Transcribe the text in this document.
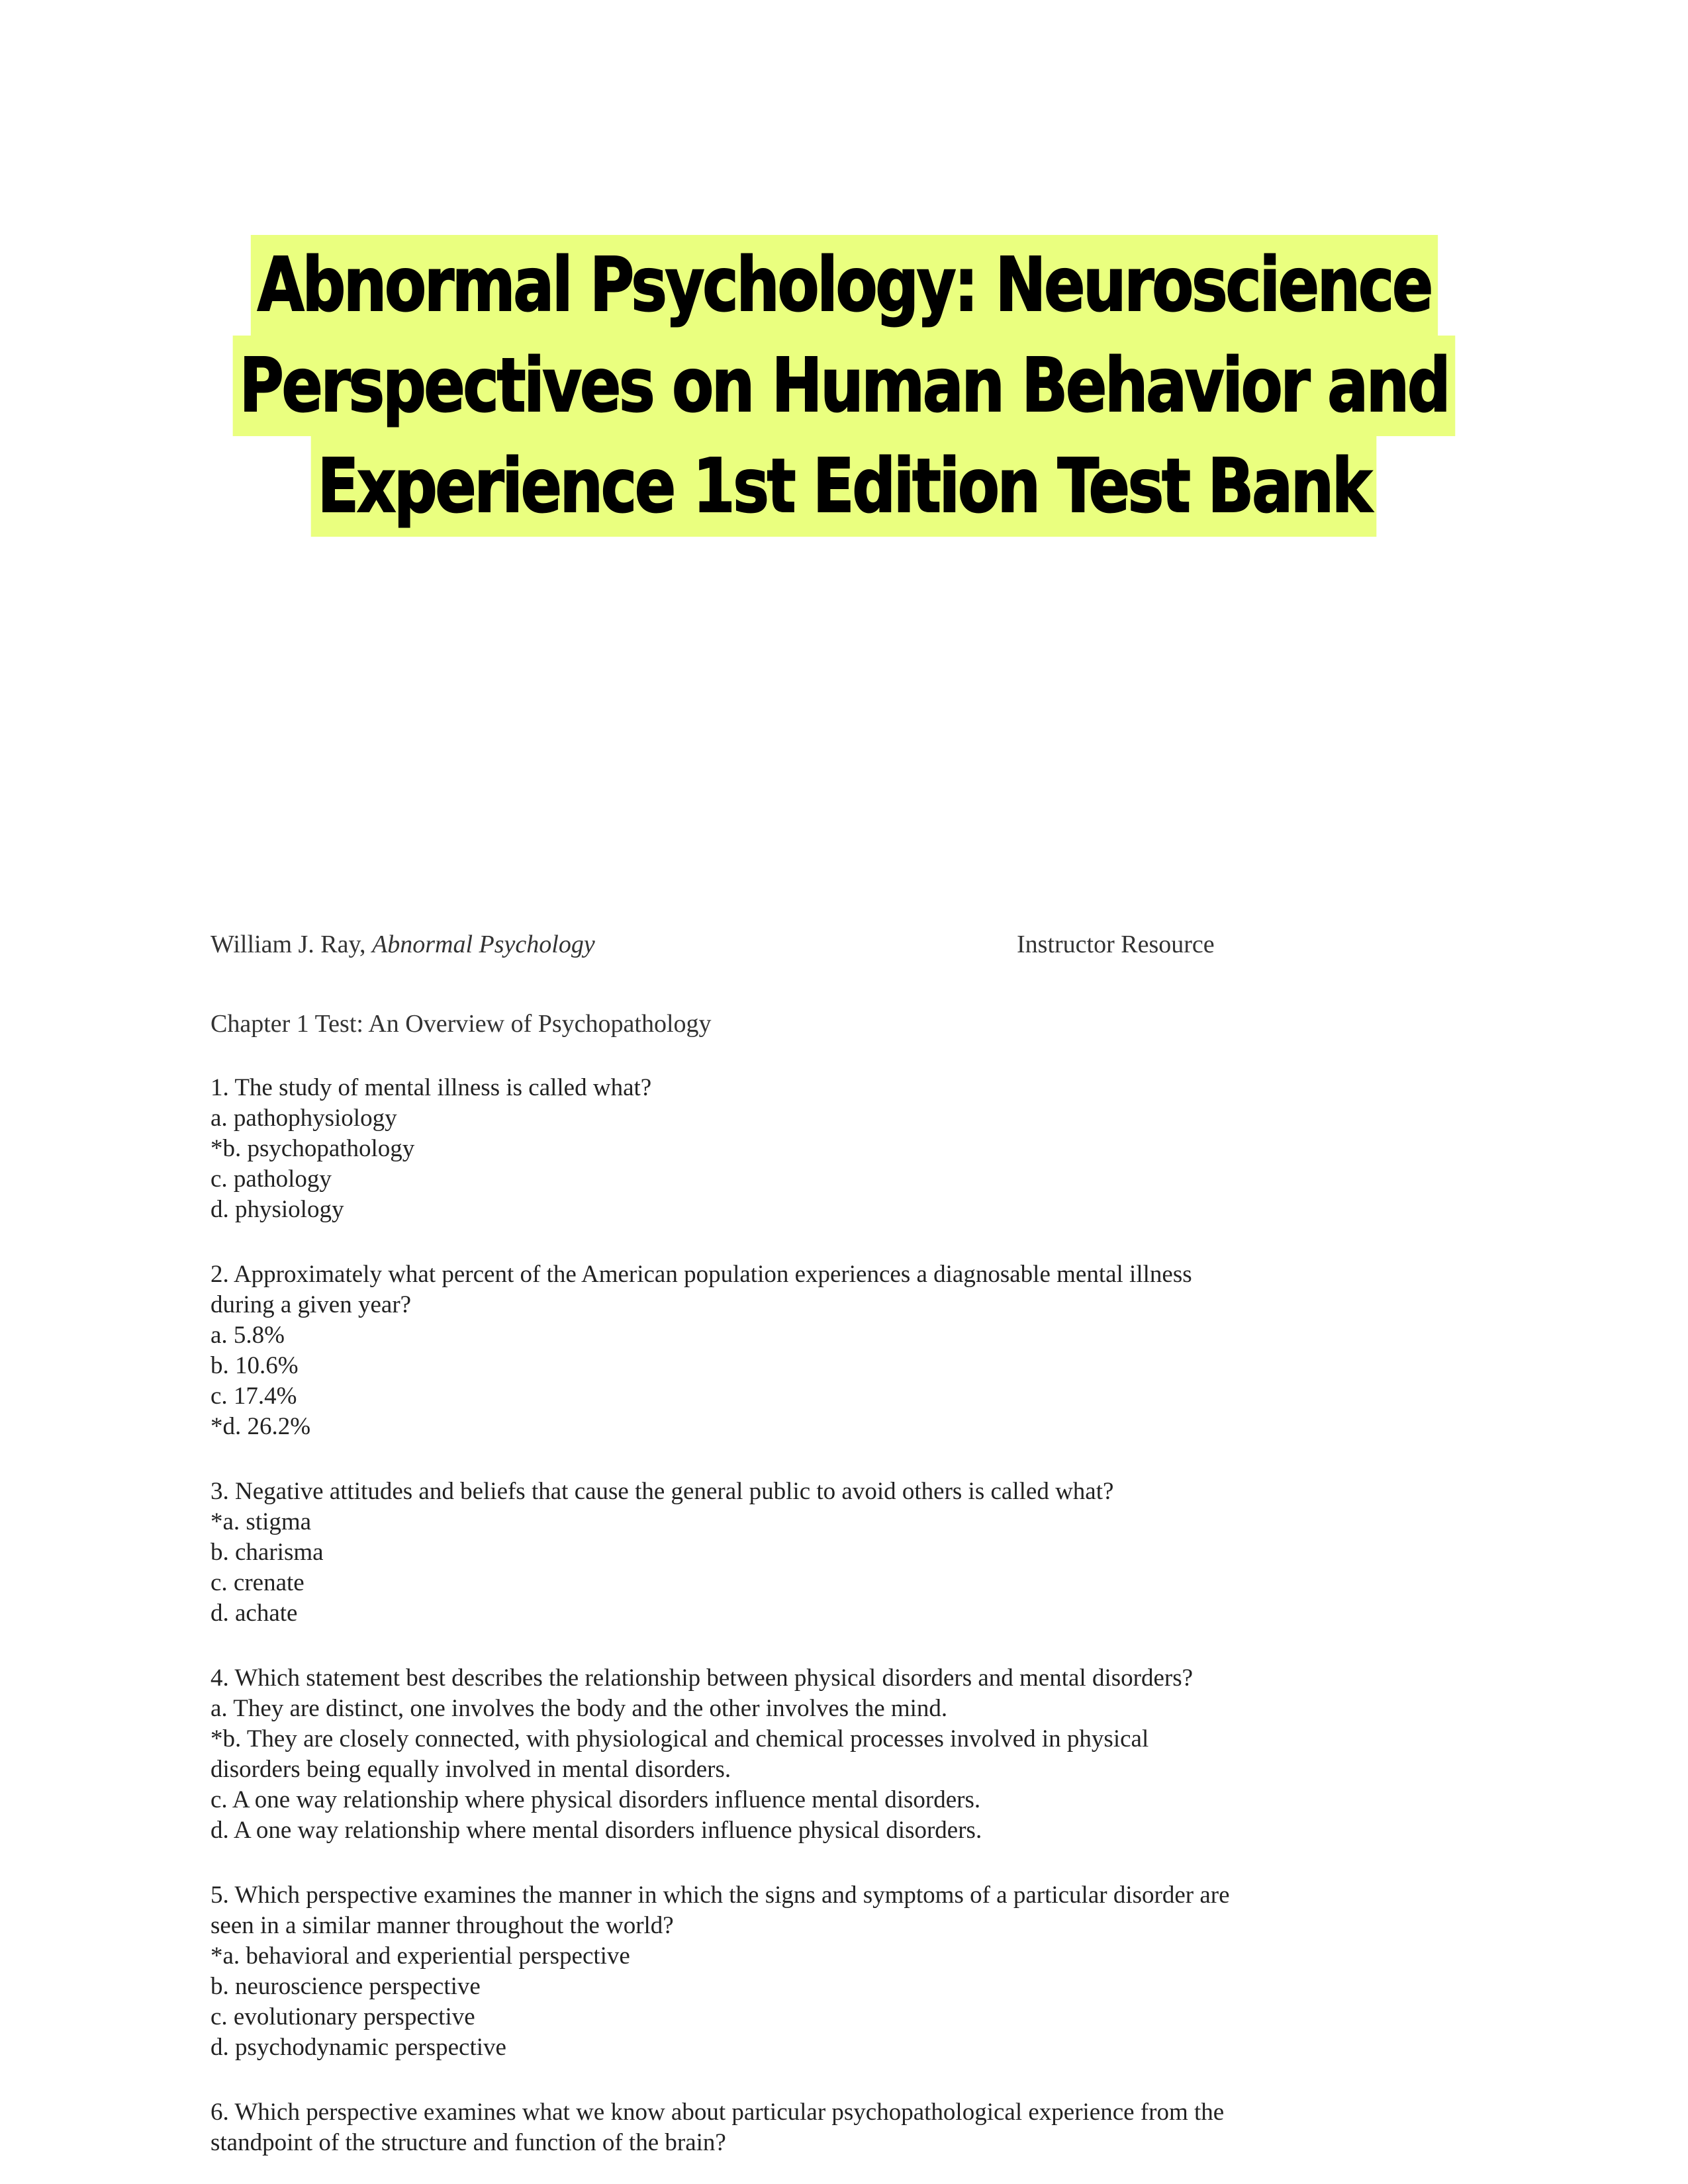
Abnormal Psychology: Neuroscience
Perspectives on Human Behavior and
Experience 1st Edition Test Bank
William J. Ray, Abnormal Psychology	Instructor Resource
Chapter 1 Test: An Overview of Psychopathology
1. The study of mental illness is called what?
a. pathophysiology
*b. psychopathology
c. pathology
d. physiology
2. Approximately what percent of the American population experiences a diagnosable mental illness during a given year?
a. 5.8%
b. 10.6%
c. 17.4%
*d. 26.2%
3. Negative attitudes and beliefs that cause the general public to avoid others is called what?
*a. stigma
b. charisma
c. crenate
d. achate
4. Which statement best describes the relationship between physical disorders and mental disorders?
a. They are distinct, one involves the body and the other involves the mind.
*b. They are closely connected, with physiological and chemical processes involved in physical disorders being equally involved in mental disorders.
c. A one way relationship where physical disorders influence mental disorders.
d. A one way relationship where mental disorders influence physical disorders.
5. Which perspective examines the manner in which the signs and symptoms of a particular disorder are seen in a similar manner throughout the world?
*a. behavioral and experiential perspective
b. neuroscience perspective
c. evolutionary perspective
d. psychodynamic perspective
6. Which perspective examines what we know about particular psychopathological experience from the standpoint of the structure and function of the brain?
